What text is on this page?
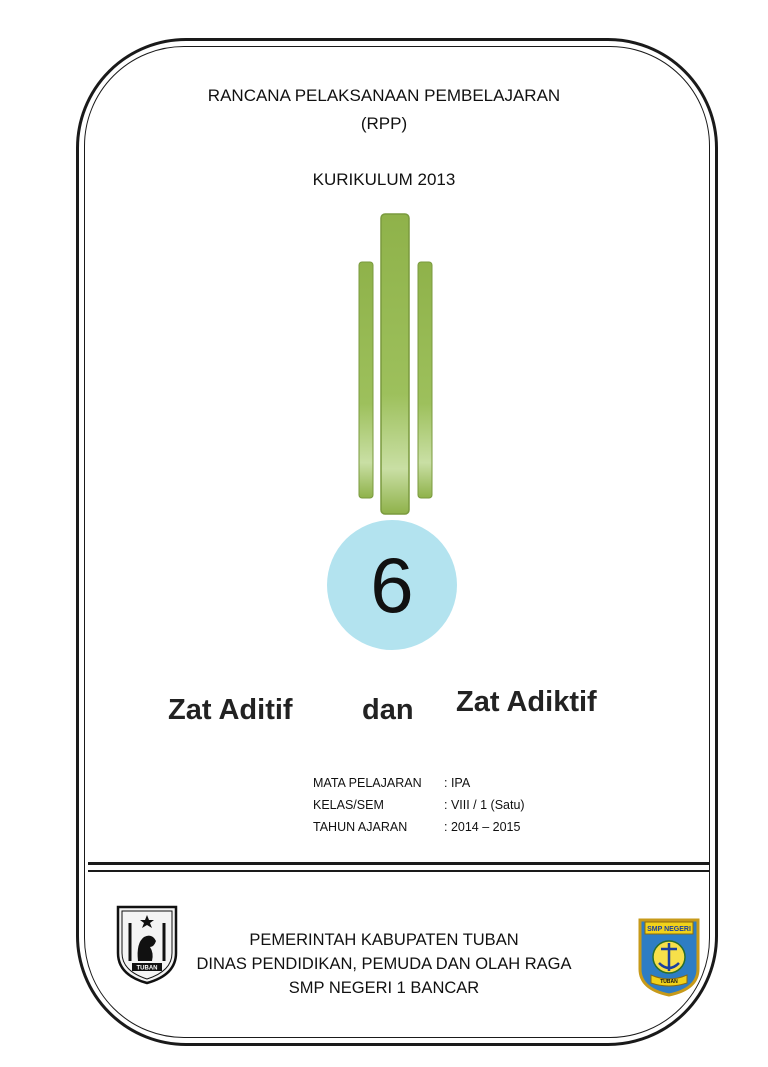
RANCANA PELAKSANAAN PEMBELAJARAN
(RPP)
KURIKULUM 2013
6
Zat Aditif dan Zat Adiktif
MATA PELAJARAN : IPA
KELAS/SEM	: VIII / 1 (Satu)
TAHUN AJARAN	: 2014 – 2015
TUBAN
SMP NEGERI
TUBAN
PEMERINTAH KABUPATEN TUBAN
DINAS PENDIDIKAN, PEMUDA DAN OLAH RAGA
SMP NEGERI 1 BANCAR
